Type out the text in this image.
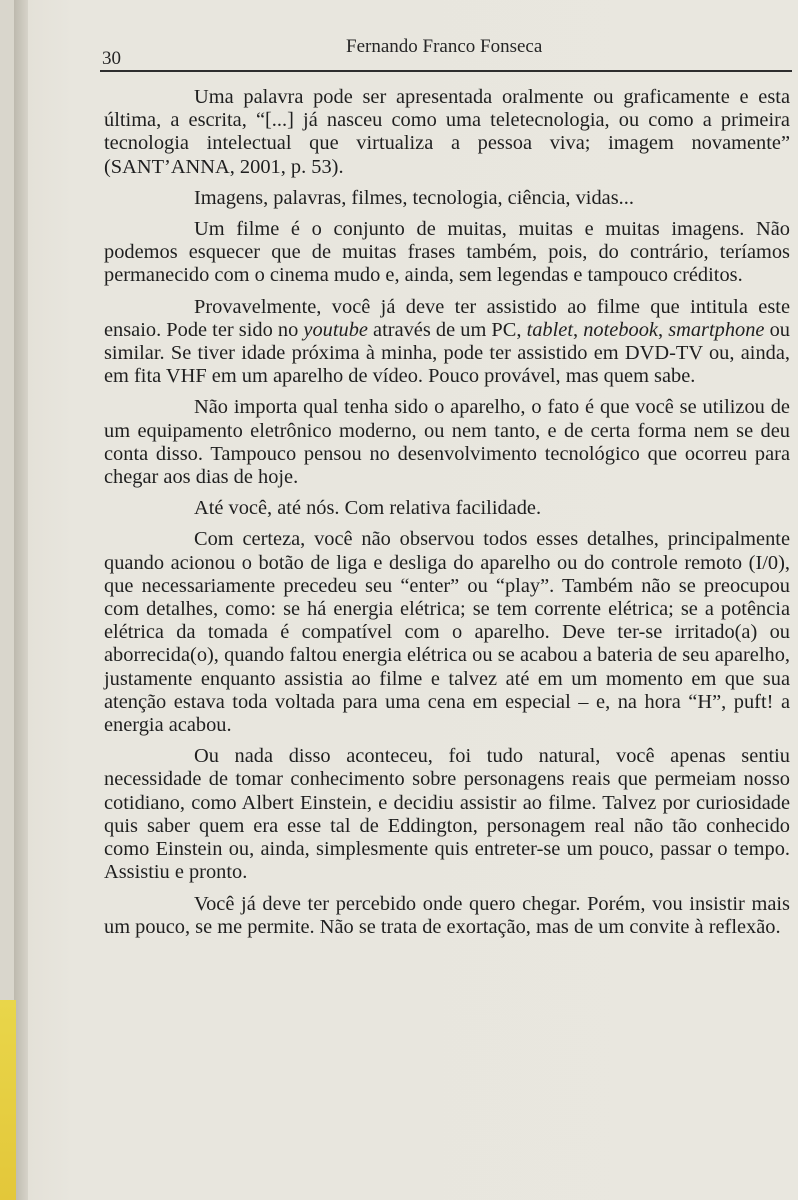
30
Fernando Franco Fonseca

Uma palavra pode ser apresentada oralmente ou graficamente e esta última, a escrita, “[...] já nasceu como uma teletecnologia, ou como a primeira tecnologia intelectual que virtualiza a pessoa viva; imagem novamente” (SANT’ANNA, 2001, p. 53).

Imagens, palavras, filmes, tecnologia, ciência, vidas...

Um filme é o conjunto de muitas, muitas e muitas imagens. Não podemos esquecer que de muitas frases também, pois, do contrário, teríamos permanecido com o cinema mudo e, ainda, sem legendas e tampouco créditos.

Provavelmente, você já deve ter assistido ao filme que intitula este ensaio. Pode ter sido no youtube através de um PC, tablet, notebook, smartphone ou similar. Se tiver idade próxima à minha, pode ter assistido em DVD-TV ou, ainda, em fita VHF em um aparelho de vídeo. Pouco provável, mas quem sabe.

Não importa qual tenha sido o aparelho, o fato é que você se utilizou de um equipamento eletrônico moderno, ou nem tanto, e de certa forma nem se deu conta disso. Tampouco pensou no desenvolvimento tecnológico que ocorreu para chegar aos dias de hoje.

Até você, até nós. Com relativa facilidade.

Com certeza, você não observou todos esses detalhes, principalmente quando acionou o botão de liga e desliga do aparelho ou do controle remoto (I/0), que necessariamente precedeu seu “enter” ou “play”. Também não se preocupou com detalhes, como: se há energia elétrica; se tem corrente elétrica; se a potência elétrica da tomada é compatível com o aparelho. Deve ter-se irritado(a) ou aborrecida(o), quando faltou energia elétrica ou se acabou a bateria de seu aparelho, justamente enquanto assistia ao filme e talvez até em um momento em que sua atenção estava toda voltada para uma cena em especial – e, na hora “H”, puft! a energia acabou.

Ou nada disso aconteceu, foi tudo natural, você apenas sentiu necessidade de tomar conhecimento sobre personagens reais que permeiam nosso cotidiano, como Albert Einstein, e decidiu assistir ao filme. Talvez por curiosidade quis saber quem era esse tal de Eddington, personagem real não tão conhecido como Einstein ou, ainda, simplesmente quis entreter-se um pouco, passar o tempo. Assistiu e pronto.

Você já deve ter percebido onde quero chegar. Porém, vou insistir mais um pouco, se me permite. Não se trata de exortação, mas de um convite à reflexão.
